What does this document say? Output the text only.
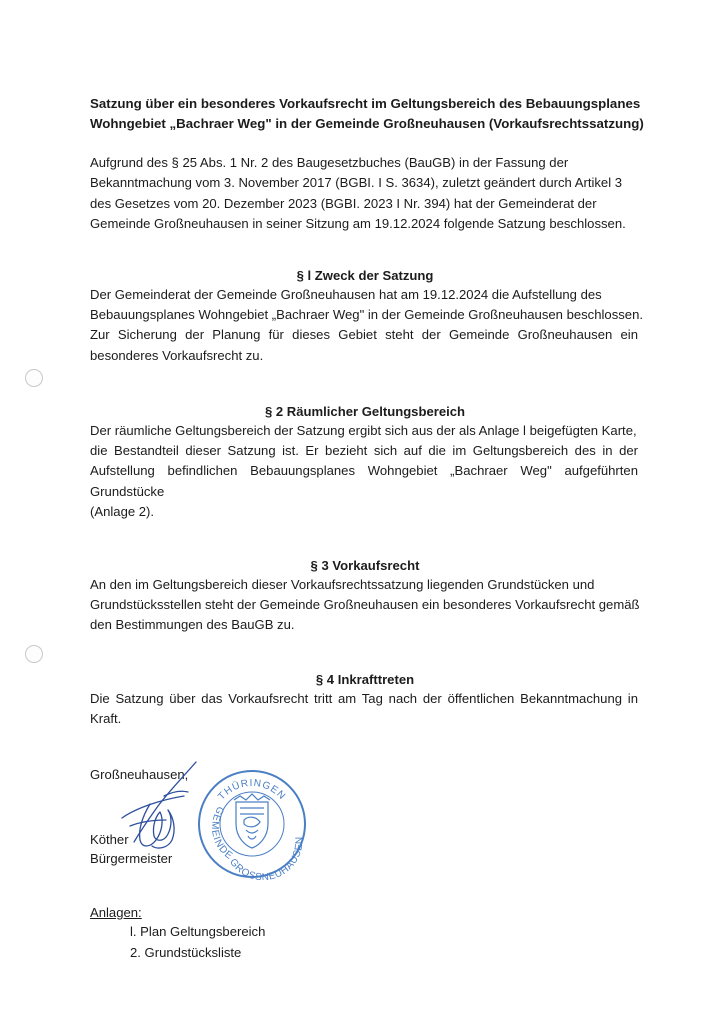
Satzung über ein besonderes Vorkaufsrecht im Geltungsbereich des Bebauungsplanes
Wohngebiet „Bachraer Weg" in der Gemeinde Großneuhausen (Vorkaufsrechtssatzung)
Aufgrund des § 25 Abs. 1 Nr. 2 des Baugesetzbuches (BauGB) in der Fassung der
Bekanntmachung vom 3. November 2017 (BGBI. I S. 3634), zuletzt geändert durch Artikel 3
des Gesetzes vom 20. Dezember 2023 (BGBI. 2023 I Nr. 394) hat der Gemeinderat der
Gemeinde Großneuhausen in seiner Sitzung am 19.12.2024 folgende Satzung beschlossen.
§ l Zweck der Satzung
Der Gemeinderat der Gemeinde Großneuhausen hat am 19.12.2024 die Aufstellung des
Bebauungsplanes Wohngebiet „Bachraer Weg" in der Gemeinde Großneuhausen beschlossen.
Zur Sicherung der Planung für dieses Gebiet steht der Gemeinde Großneuhausen ein
besonderes Vorkaufsrecht zu.
§ 2 Räumlicher Geltungsbereich
Der räumliche Geltungsbereich der Satzung ergibt sich aus der als Anlage l beigefügten Karte,
die Bestandteil dieser Satzung ist. Er bezieht sich auf die im Geltungsbereich des in der
Aufstellung befindlichen Bebauungsplanes Wohngebiet „Bachraer Weg" aufgeführten
Grundstücke
(Anlage 2).
§ 3 Vorkaufsrecht
An den im Geltungsbereich dieser Vorkaufsrechtssatzung liegenden Grundstücken und
Grundstücksstellen steht der Gemeinde Großneuhausen ein besonderes Vorkaufsrecht gemäß
den Bestimmungen des BauGB zu.
§ 4 Inkrafttreten
Die Satzung über das Vorkaufsrecht tritt am Tag nach der öffentlichen Bekanntmachung in
Kraft.
Großneuhausen,
Köther
Bürgermeister
THÜRINGEN
GEMEINDE
GROSSNEUHAUSEN
Anlagen:
l. Plan Geltungsbereich
2. Grundstücksliste
